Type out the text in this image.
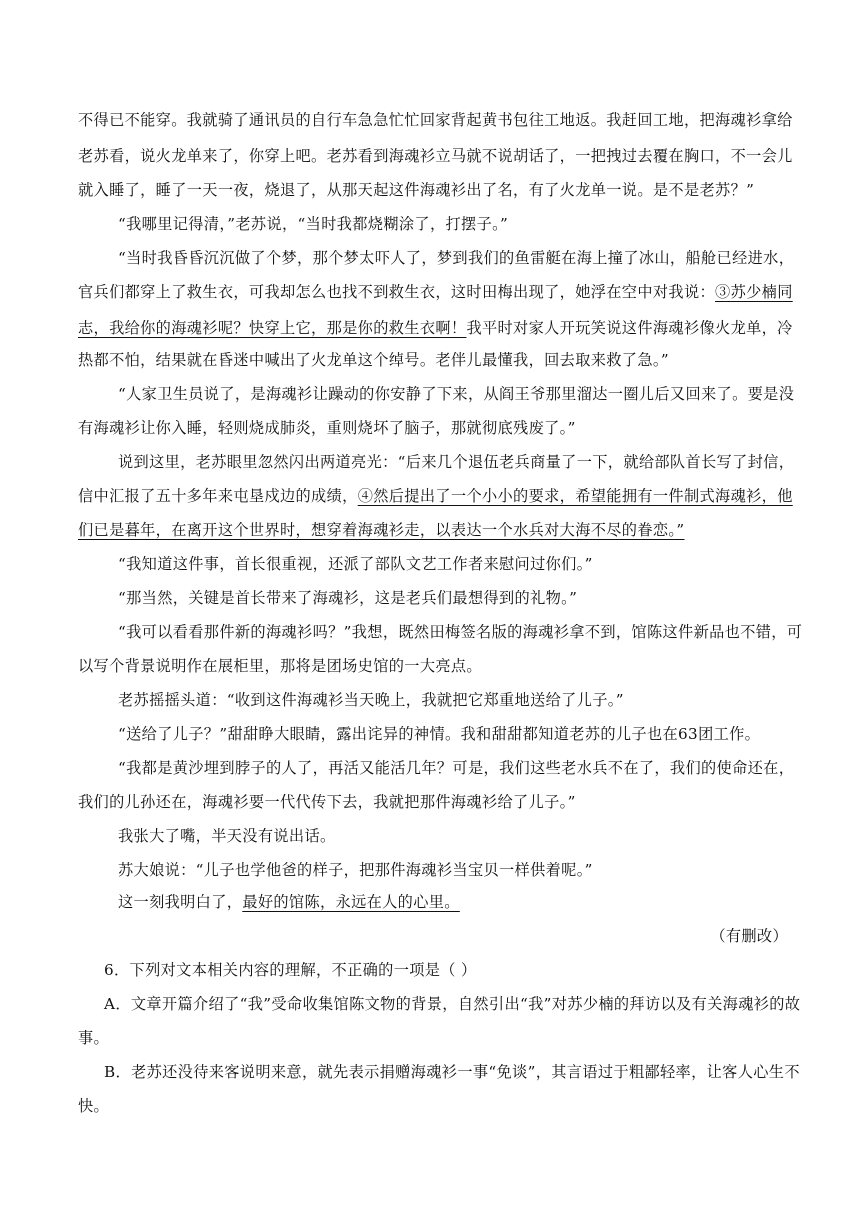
不得已不能穿。我就骑了通讯员的自行车急急忙忙回家背起黄书包往工地返。我赶回工地，把海魂衫拿给
老苏看，说火龙单来了，你穿上吧。老苏看到海魂衫立马就不说胡话了，一把拽过去覆在胸口，不一会儿
就入睡了，睡了一天一夜，烧退了，从那天起这件海魂衫出了名，有了火龙单一说。是不是老苏？”
“我哪里记得清，”老苏说，“当时我都烧糊涂了，打摆子。”
“当时我昏昏沉沉做了个梦，那个梦太吓人了，梦到我们的鱼雷艇在海上撞了冰山，船舱已经进水，
官兵们都穿上了救生衣，可我却怎么也找不到救生衣，这时田梅出现了，她浮在空中对我说：③苏少楠同
志，我给你的海魂衫呢？快穿上它，那是你的救生衣啊！我平时对家人开玩笑说这件海魂衫像火龙单，冷
热都不怕，结果就在昏迷中喊出了火龙单这个绰号。老伴儿最懂我，回去取来救了急。”
“人家卫生员说了，是海魂衫让躁动的你安静了下来，从阎王爷那里溜达一圈儿后又回来了。要是没
有海魂衫让你入睡，轻则烧成肺炎，重则烧坏了脑子，那就彻底残废了。”
说到这里，老苏眼里忽然闪出两道亮光：“后来几个退伍老兵商量了一下，就给部队首长写了封信，
信中汇报了五十多年来屯垦戍边的成绩，④然后提出了一个小小的要求，希望能拥有一件制式海魂衫，他
们已是暮年，在离开这个世界时，想穿着海魂衫走，以表达一个水兵对大海不尽的眷恋。”
“我知道这件事，首长很重视，还派了部队文艺工作者来慰问过你们。”
“那当然，关键是首长带来了海魂衫，这是老兵们最想得到的礼物。”
“我可以看看那件新的海魂衫吗？”我想，既然田梅签名版的海魂衫拿不到，馆陈这件新品也不错，可
以写个背景说明作在展柜里，那将是团场史馆的一大亮点。
老苏摇摇头道：“收到这件海魂衫当天晚上，我就把它郑重地送给了儿子。”
“送给了儿子？”甜甜睁大眼睛，露出诧异的神情。我和甜甜都知道老苏的儿子也在63团工作。
“我都是黄沙埋到脖子的人了，再活又能活几年？可是，我们这些老水兵不在了，我们的使命还在，
我们的儿孙还在，海魂衫要一代代传下去，我就把那件海魂衫给了儿子。”
我张大了嘴，半天没有说出话。
苏大娘说：“儿子也学他爸的样子，把那件海魂衫当宝贝一样供着呢。”
这一刻我明白了，最好的馆陈，永远在人的心里。
（有删改）
6．下列对文本相关内容的理解，不正确的一项是（ ）
A．文章开篇介绍了“我”受命收集馆陈文物的背景，自然引出“我”对苏少楠的拜访以及有关海魂衫的故
事。
B．老苏还没待来客说明来意，就先表示捐赠海魂衫一事“免谈”，其言语过于粗鄙轻率，让客人心生不
快。
